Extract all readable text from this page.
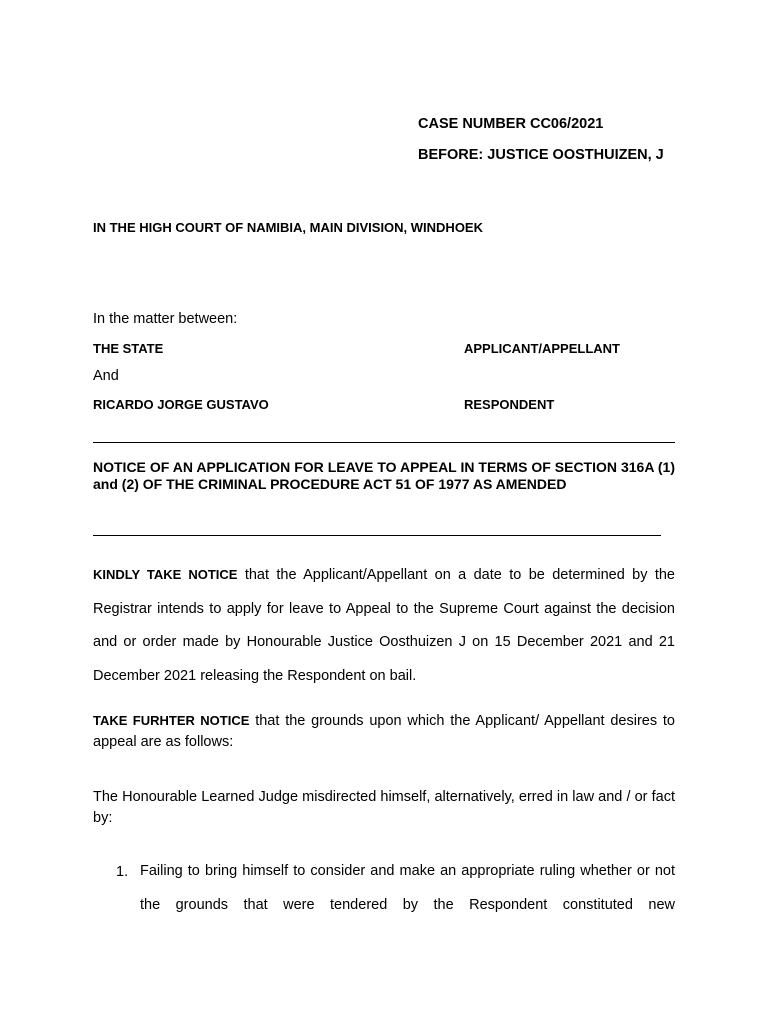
CASE NUMBER CC06/2021
BEFORE: JUSTICE OOSTHUIZEN, J
IN THE HIGH COURT OF NAMIBIA, MAIN DIVISION, WINDHOEK
In the matter between:
THE STATE	APPLICANT/APPELLANT
And
RICARDO JORGE GUSTAVO	RESPONDENT
NOTICE OF AN APPLICATION FOR LEAVE TO APPEAL IN TERMS OF SECTION 316A (1) and (2) OF THE CRIMINAL PROCEDURE ACT 51 OF 1977 AS AMENDED
KINDLY TAKE NOTICE that the Applicant/Appellant on a date to be determined by the Registrar intends to apply for leave to Appeal to the Supreme Court against the decision and or order made by Honourable Justice Oosthuizen J on 15 December 2021 and 21 December 2021 releasing the Respondent on bail.
TAKE FURHTER NOTICE that the grounds upon which the Applicant/ Appellant desires to appeal are as follows:
The Honourable Learned Judge misdirected himself, alternatively, erred in law and / or fact by:
1. Failing to bring himself to consider and make an appropriate ruling whether or not the grounds that were tendered by the Respondent constituted new
